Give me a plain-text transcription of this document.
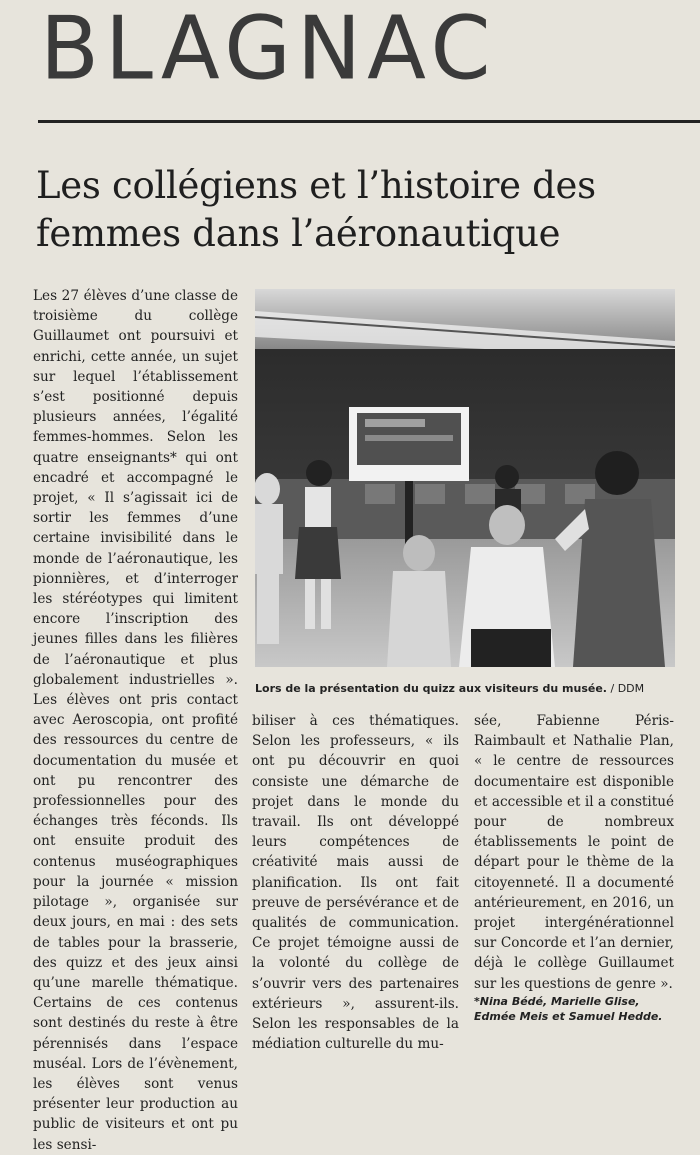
BLAGNAC
Les collégiens et l’histoire des femmes dans l’aéronautique

Les 27 élèves d’une classe de troisième du collège Guillaumet ont poursuivi et enrichi, cette année, un sujet sur lequel l’établissement s’est positionné depuis plusieurs années, l’égalité femmes-hommes. Selon les quatre enseignants* qui ont encadré et accompagné le projet, « Il s’agissait ici de sortir les femmes d’une certaine invisibilité dans le monde de l’aéronautique, les pionnières, et d’interroger les stéréotypes qui limitent encore l’inscription des jeunes filles dans les filières de l’aéronautique et plus globalement industrielles ». Les élèves ont pris contact avec Aeroscopia, ont profité des ressources du centre de documentation du musée et ont pu rencontrer des professionnelles pour des échanges très féconds. Ils ont ensuite produit des contenus muséographiques pour la journée « mission pilotage », organisée sur deux jours, en mai : des sets de tables pour la brasserie, des quizz et des jeux ainsi qu’une marelle thématique. Certains de ces contenus sont destinés du reste à être pérennisés dans l’espace muséal. Lors de l’évènement, les élèves sont venus présenter leur production au public de visiteurs et ont pu les sensi-

Lors de la présentation du quizz aux visiteurs du musée. / DDM

biliser à ces thématiques. Selon les professeurs, « ils ont pu découvrir en quoi consiste une démarche de projet dans le monde du travail. Ils ont développé leurs compétences de créativité mais aussi de planification. Ils ont fait preuve de persévérance et de qualités de communication. Ce projet témoigne aussi de la volonté du collège de s’ouvrir vers des partenaires extérieurs », assurent-ils. Selon les responsables de la médiation culturelle du mu-

sée, Fabienne Péris-Raimbault et Nathalie Plan, « le centre de ressources documentaire est disponible et accessible et il a constitué pour de nombreux établissements le point de départ pour le thème de la citoyenneté. Il a documenté antérieurement, en 2016, un projet intergénérationnel sur Concorde et l’an dernier, déjà le collège Guillaumet sur les questions de genre ».

*Nina Bédé, Marielle Glise, Edmée Meis et Samuel Hedde.
